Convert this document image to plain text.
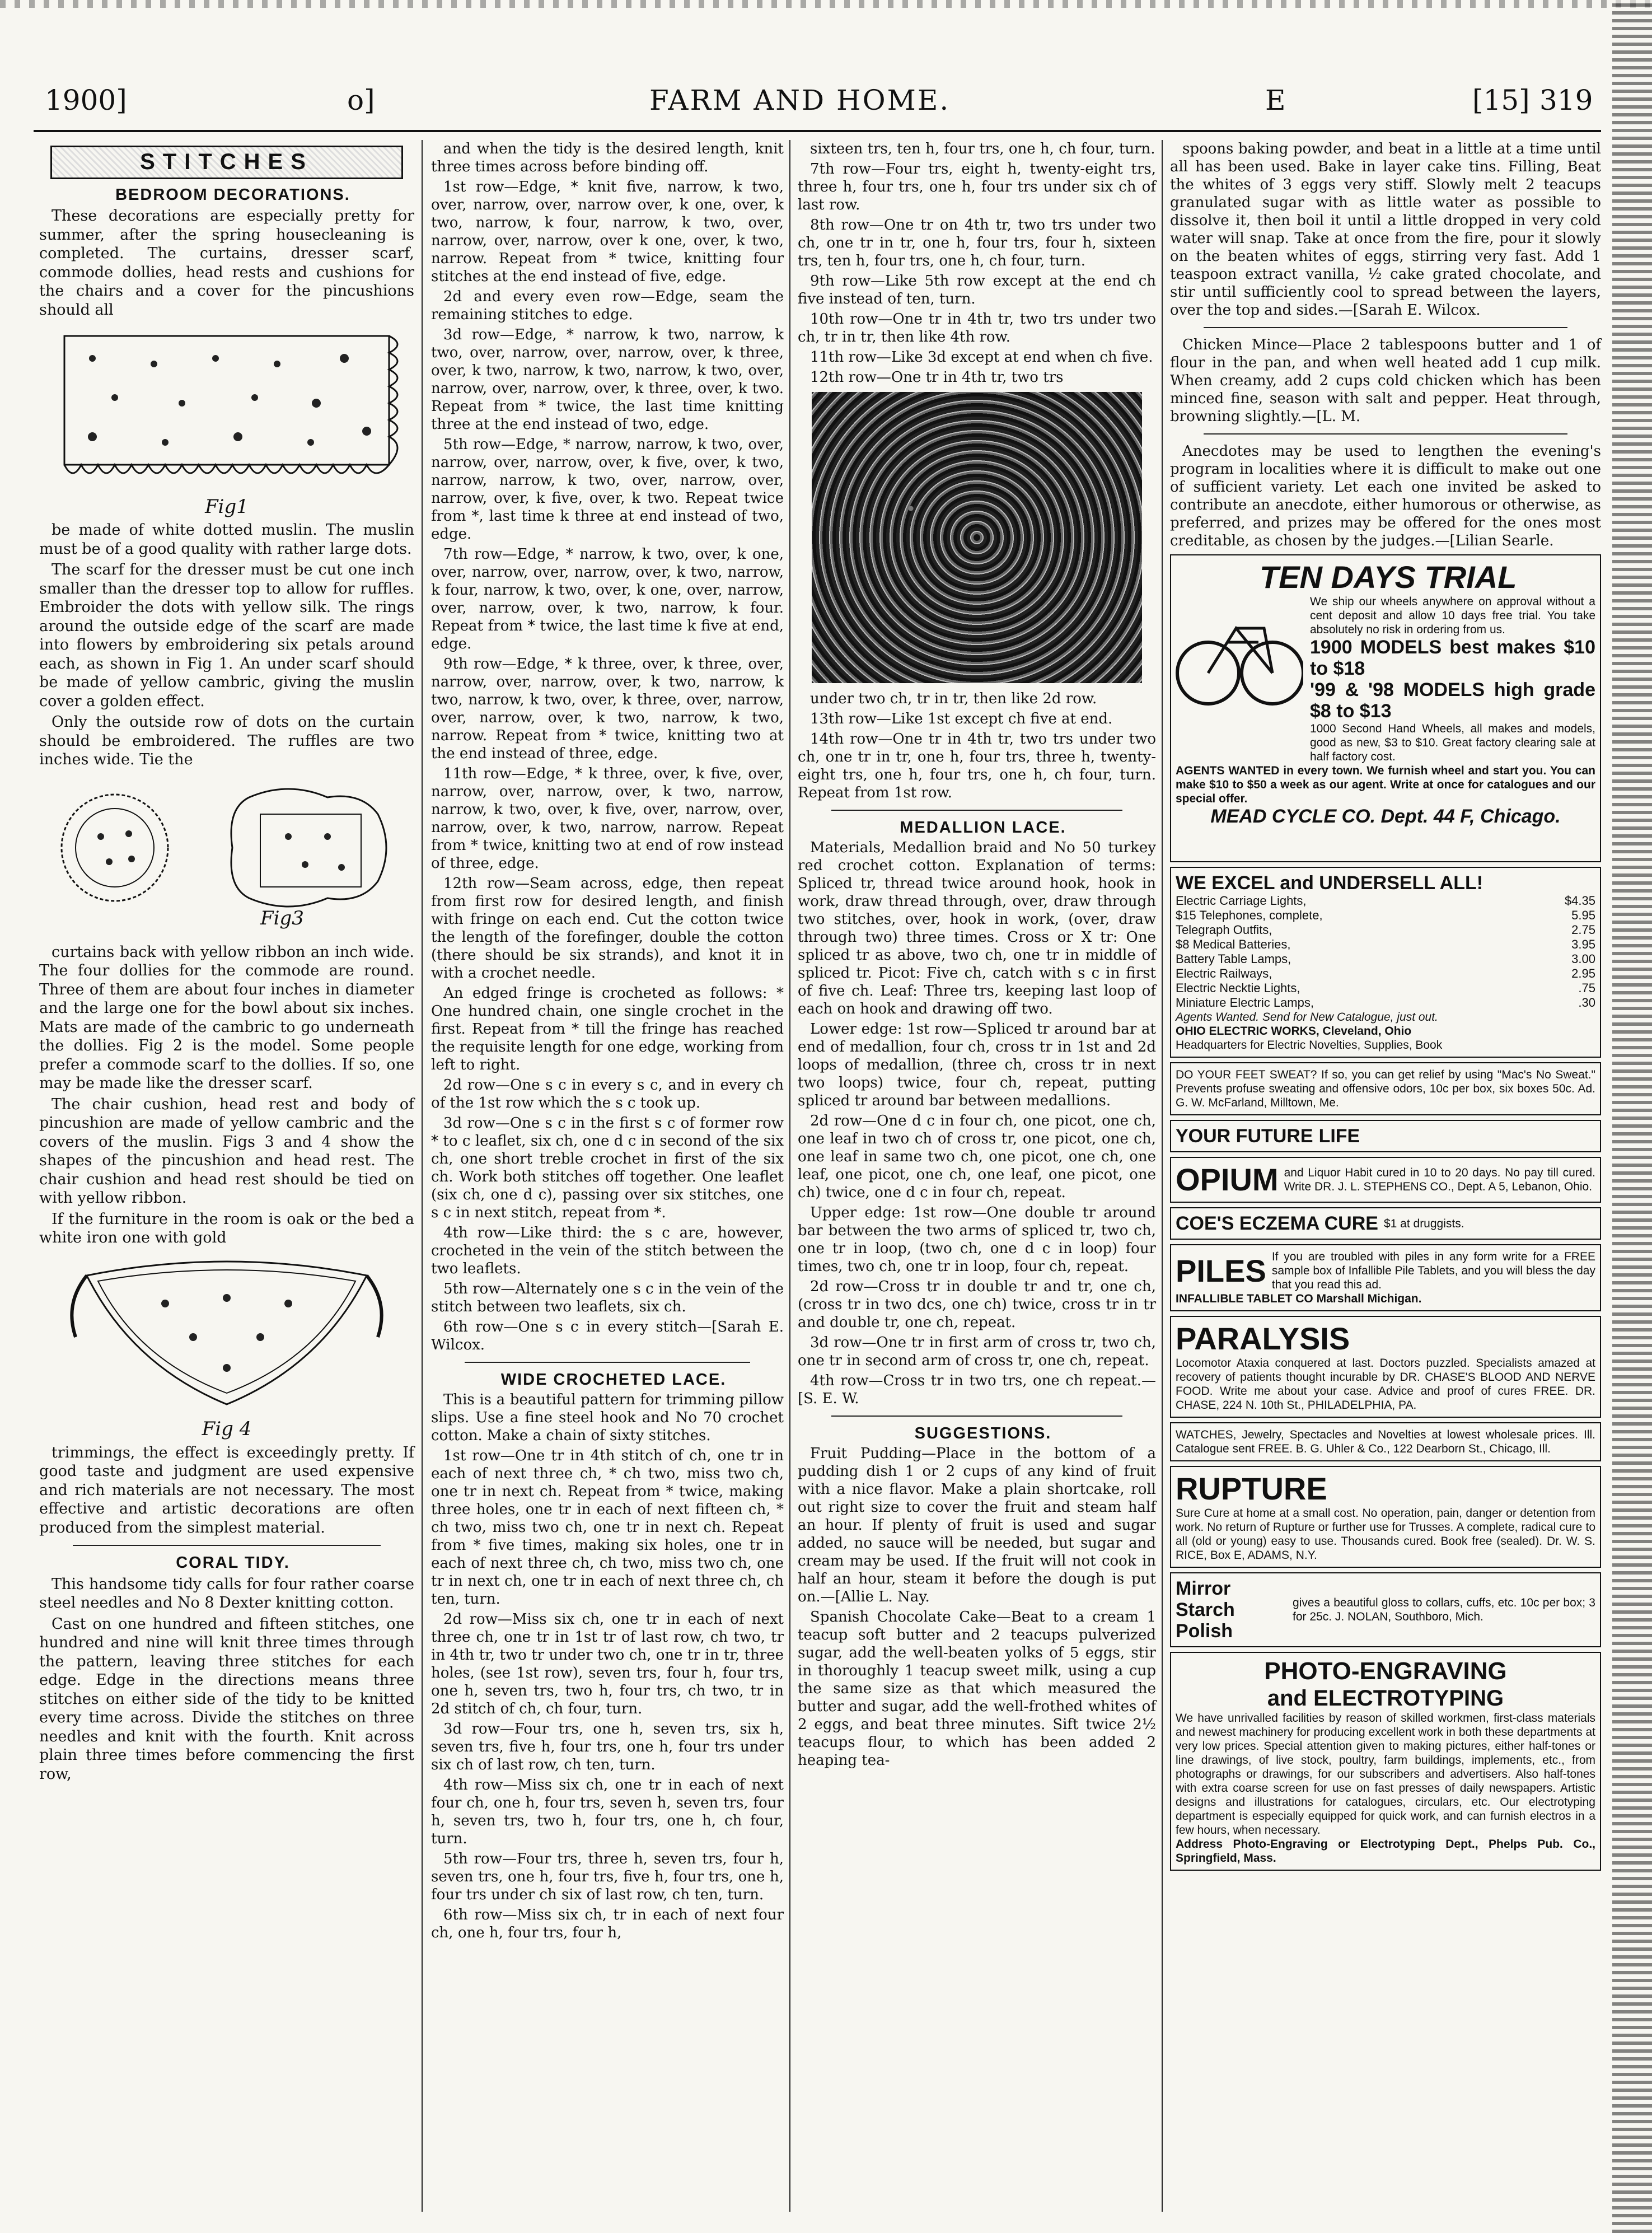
1900]	o]	FARM AND HOME.	E	[15] 319
STITCHES

BEDROOM DECORATIONS.

These decorations are especially pretty for summer, after the spring housecleaning is completed. The curtains, dresser scarf, commode dollies, head rests and cushions for the chairs and a cover for the pincushions should all

Fig1

be made of white dotted muslin. The muslin must be of a good quality with rather large dots.

The scarf for the dresser must be cut one inch smaller than the dresser top to allow for ruffles. Embroider the dots with yellow silk. The rings around the outside edge of the scarf are made into flowers by embroidering six petals around each, as shown in Fig 1. An under scarf should be made of yellow cambric, giving the muslin cover a golden effect.

Only the outside row of dots on the curtain should be embroidered. The ruffles are two inches wide. Tie the

Fig3

curtains back with yellow ribbon an inch wide. The four dollies for the commode are round. Three of them are about four inches in diameter and the large one for the bowl about six inches. Mats are made of the cambric to go underneath the dollies. Fig 2 is the model. Some people prefer a commode scarf to the dollies. If so, one may be made like the dresser scarf.

The chair cushion, head rest and body of pincushion are made of yellow cambric and the covers of the muslin. Figs 3 and 4 show the shapes of the pincushion and head rest. The chair cushion and head rest should be tied on with yellow ribbon.

If the furniture in the room is oak or the bed a white iron one with gold

Fig 4

trimmings, the effect is exceedingly pretty. If good taste and judgment are used expensive and rich materials are not necessary. The most effective and artistic decorations are often produced from the simplest material.

CORAL TIDY.

This handsome tidy calls for four rather coarse steel needles and No 8 Dexter knitting cotton.

Cast on one hundred and fifteen stitches, one hundred and nine will knit three times through the pattern, leaving three stitches for each edge. Edge in the directions means three stitches on either side of the tidy to be knitted every time across. Divide the stitches on three needles and knit with the fourth. Knit across plain three times before commencing the first row,

and when the tidy is the desired length, knit three times across before binding off.

1st row—Edge, * knit five, narrow, k two, over, narrow, over, narrow over, k one, over, k two, narrow, k four, narrow, k two, over, narrow, over, narrow, over k one, over, k two, narrow. Repeat from * twice, knitting four stitches at the end instead of five, edge.

2d and every even row—Edge, seam the remaining stitches to edge.

3d row—Edge, * narrow, k two, narrow, k two, over, narrow, over, narrow, over, k three, over, k two, narrow, k two, narrow, k two, over, narrow, over, narrow, over, k three, over, k two. Repeat from * twice, the last time knitting three at the end instead of two, edge.

5th row—Edge, * narrow, narrow, k two, over, narrow, over, narrow, over, k five, over, k two, narrow, narrow, k two, over, narrow, over, narrow, over, k five, over, k two. Repeat twice from *, last time k three at end instead of two, edge.

7th row—Edge, * narrow, k two, over, k one, over, narrow, over, narrow, over, k two, narrow, k four, narrow, k two, over, k one, over, narrow, over, narrow, over, k two, narrow, k four. Repeat from * twice, the last time k five at end, edge.

9th row—Edge, * k three, over, k three, over, narrow, over, narrow, over, k two, narrow, k two, narrow, k two, over, k three, over, narrow, over, narrow, over, k two, narrow, k two, narrow. Repeat from * twice, knitting two at the end instead of three, edge.

11th row—Edge, * k three, over, k five, over, narrow, over, narrow, over, k two, narrow, narrow, k two, over, k five, over, narrow, over, narrow, over, k two, narrow, narrow. Repeat from * twice, knitting two at end of row instead of three, edge.

12th row—Seam across, edge, then repeat from first row for desired length, and finish with fringe on each end. Cut the cotton twice the length of the forefinger, double the cotton (there should be six strands), and knot it in with a crochet needle.

An edged fringe is crocheted as follows: * One hundred chain, one single crochet in the first. Repeat from * till the fringe has reached the requisite length for one edge, working from left to right.

2d row—One s c in every s c, and in every ch of the 1st row which the s c took up.

3d row—One s c in the first s c of former row * to c leaflet, six ch, one d c in second of the six ch, one short treble crochet in first of the six ch. Work both stitches off together. One leaflet (six ch, one d c), passing over six stitches, one s c in next stitch, repeat from *.

4th row—Like third: the s c are, however, crocheted in the vein of the stitch between the two leaflets.

5th row—Alternately one s c in the vein of the stitch between two leaflets, six ch.

6th row—One s c in every stitch—[Sarah E. Wilcox.

WIDE CROCHETED LACE.

This is a beautiful pattern for trimming pillow slips. Use a fine steel hook and No 70 crochet cotton. Make a chain of sixty stitches.

1st row—One tr in 4th stitch of ch, one tr in each of next three ch, * ch two, miss two ch, one tr in next ch. Repeat from * twice, making three holes, one tr in each of next fifteen ch, * ch two, miss two ch, one tr in next ch. Repeat from * five times, making six holes, one tr in each of next three ch, ch two, miss two ch, one tr in next ch, one tr in each of next three ch, ch ten, turn.

2d row—Miss six ch, one tr in each of next three ch, one tr in 1st tr of last row, ch two, tr in 4th tr, two tr under two ch, one tr in tr, three holes, (see 1st row), seven trs, four h, four trs, one h, seven trs, two h, four trs, ch two, tr in 2d stitch of ch, ch four, turn.

3d row—Four trs, one h, seven trs, six h, seven trs, five h, four trs, one h, four trs under six ch of last row, ch ten, turn.

4th row—Miss six ch, one tr in each of next four ch, one h, four trs, seven h, seven trs, four h, seven trs, two h, four trs, one h, ch four, turn.

5th row—Four trs, three h, seven trs, four h, seven trs, one h, four trs, five h, four trs, one h, four trs under ch six of last row, ch ten, turn.

6th row—Miss six ch, tr in each of next four ch, one h, four trs, four h,

sixteen trs, ten h, four trs, one h, ch four, turn.

7th row—Four trs, eight h, twenty-eight trs, three h, four trs, one h, four trs under six ch of last row.

8th row—One tr on 4th tr, two trs under two ch, one tr in tr, one h, four trs, four h, sixteen trs, ten h, four trs, one h, ch four, turn.

9th row—Like 5th row except at the end ch five instead of ten, turn.

10th row—One tr in 4th tr, two trs under two ch, tr in tr, then like 4th row.

11th row—Like 3d except at end when ch five.

12th row—One tr in 4th tr, two trs

under two ch, tr in tr, then like 2d row.

13th row—Like 1st except ch five at end.

14th row—One tr in 4th tr, two trs under two ch, one tr in tr, one h, four trs, three h, twenty-eight trs, one h, four trs, one h, ch four, turn. Repeat from 1st row.

MEDALLION LACE.

Materials, Medallion braid and No 50 turkey red crochet cotton. Explanation of terms: Spliced tr, thread twice around hook, hook in work, draw thread through, over, draw through two stitches, over, hook in work, (over, draw through two) three times. Cross or X tr: One spliced tr as above, two ch, one tr in middle of spliced tr. Picot: Five ch, catch with s c in first of five ch. Leaf: Three trs, keeping last loop of each on hook and drawing off two.

Lower edge: 1st row—Spliced tr around bar at end of medallion, four ch, cross tr in 1st and 2d loops of medallion, (three ch, cross tr in next two loops) twice, four ch, repeat, putting spliced tr around bar between medallions.

2d row—One d c in four ch, one picot, one ch, one leaf in two ch of cross tr, one picot, one ch, one leaf in same two ch, one picot, one ch, one leaf, one picot, one ch, one leaf, one picot, one ch) twice, one d c in four ch, repeat.

Upper edge: 1st row—One double tr around bar between the two arms of spliced tr, two ch, one tr in loop, (two ch, one d c in loop) four times, two ch, one tr in loop, four ch, repeat.

2d row—Cross tr in double tr and tr, one ch, (cross tr in two dcs, one ch) twice, cross tr in tr and double tr, one ch, repeat.

3d row—One tr in first arm of cross tr, two ch, one tr in second arm of cross tr, one ch, repeat.

4th row—Cross tr in two trs, one ch repeat.—[S. E. W.

SUGGESTIONS.

Fruit Pudding—Place in the bottom of a pudding dish 1 or 2 cups of any kind of fruit with a nice flavor. Make a plain shortcake, roll out right size to cover the fruit and steam half an hour. If plenty of fruit is used and sugar added, no sauce will be needed, but sugar and cream may be used. If the fruit will not cook in half an hour, steam it before the dough is put on.—[Allie L. Nay.

Spanish Chocolate Cake—Beat to a cream 1 teacup soft butter and 2 teacups pulverized sugar, add the well-beaten yolks of 5 eggs, stir in thoroughly 1 teacup sweet milk, using a cup the same size as that which measured the butter and sugar, add the well-frothed whites of 2 eggs, and beat three minutes. Sift twice 2½ teacups flour, to which has been added 2 heaping tea-

spoons baking powder, and beat in a little at a time until all has been used. Bake in layer cake tins. Filling, Beat the whites of 3 eggs very stiff. Slowly melt 2 teacups granulated sugar with as little water as possible to dissolve it, then boil it until a little dropped in very cold water will snap. Take at once from the fire, pour it slowly on the beaten whites of eggs, stirring very fast. Add 1 teaspoon extract vanilla, ½ cake grated chocolate, and stir until sufficiently cool to spread between the layers, over the top and sides.—[Sarah E. Wilcox.

Chicken Mince—Place 2 tablespoons butter and 1 of flour in the pan, and when well heated add 1 cup milk. When creamy, add 2 cups cold chicken which has been minced fine, season with salt and pepper. Heat through, browning slightly.—[L. M.

Anecdotes may be used to lengthen the evening's program in localities where it is difficult to make out one of sufficient variety. Let each one invited be asked to contribute an anecdote, either humorous or otherwise, as preferred, and prizes may be offered for the ones most creditable, as chosen by the judges.—[Lilian Searle.

TEN DAYS TRIAL
We ship our wheels anywhere on approval without a cent deposit and allow 10 days free trial. You take absolutely no risk in ordering from us.
1900 MODELS best makes $10 to $18
'99 & '98 MODELS high grade $8 to $13
1000 Second Hand Wheels, all makes and models, good as new, $3 to $10. Great factory clearing sale at half factory cost.
AGENTS WANTED in every town. We furnish wheel and start you. You can make $10 to $50 a week as our agent. Write at once for catalogues and our special offer.
MEAD CYCLE CO. Dept. 44 F, Chicago.
WE EXCEL and UNDERSELL ALL!
Electric Carriage Lights,	$4.35
$15 Telephones, complete,	5.95
Telegraph Outfits,	2.75
$8 Medical Batteries,	3.95
Battery Table Lamps,	3.00
Electric Railways,	2.95
Electric Necktie Lights,	.75
Miniature Electric Lamps,	.30
Agents Wanted. Send for New Catalogue, just out.
OHIO ELECTRIC WORKS, Cleveland, Ohio
Headquarters for Electric Novelties, Supplies, Book
DO YOUR FEET SWEAT? If so, you can get relief by using "Mac's No Sweat." Prevents profuse sweating and offensive odors, 10c per box, six boxes 50c. Ad. G. W. McFarland, Milltown, Me.
YOUR FUTURE LIFE
OPIUM and Liquor Habit cured in 10 to 20 days. No pay till cured. Write DR. J. L. STEPHENS CO., Dept. A 5, Lebanon, Ohio.
COE'S ECZEMA CURE $1 at druggists.
PILES If you are troubled with piles in any form write for a FREE sample box of Infallible Pile Tablets, and you will bless the day that you read this ad.
INFALLIBLE TABLET CO Marshall Michigan.
PARALYSIS
Locomotor Ataxia conquered at last. Doctors puzzled. Specialists amazed at recovery of patients thought incurable by DR. CHASE'S BLOOD AND NERVE FOOD. Write me about your case. Advice and proof of cures FREE. DR. CHASE, 224 N. 10th St., PHILADELPHIA, PA.
WATCHES, Jewelry, Spectacles and Novelties at lowest wholesale prices. Ill. Catalogue sent FREE. B. G. Uhler & Co., 122 Dearborn St., Chicago, Ill.
RUPTURE
Sure Cure at home at a small cost. No operation, pain, danger or detention from work. No return of Rupture or further use for Trusses. A complete, radical cure to all (old or young) easy to use. Thousands cured. Book free (sealed). Dr. W. S. RICE, Box E, ADAMS, N.Y.
Mirror Starch Polish
gives a beautiful gloss to collars, cuffs, etc. 10c per box; 3 for 25c. J. NOLAN, Southboro, Mich.
PHOTO-ENGRAVING
and ELECTROTYPING
We have unrivalled facilities by reason of skilled workmen, first-class materials and newest machinery for producing excellent work in both these departments at very low prices. Special attention given to making pictures, either half-tones or line drawings, of live stock, poultry, farm buildings, implements, etc., from photographs or drawings, for our subscribers and advertisers. Also half-tones with extra coarse screen for use on fast presses of daily newspapers. Artistic designs and illustrations for catalogues, circulars, etc. Our electrotyping department is especially equipped for quick work, and can furnish electros in a few hours, when necessary.
Address Photo-Engraving or Electrotyping Dept., Phelps Pub. Co., Springfield, Mass.
